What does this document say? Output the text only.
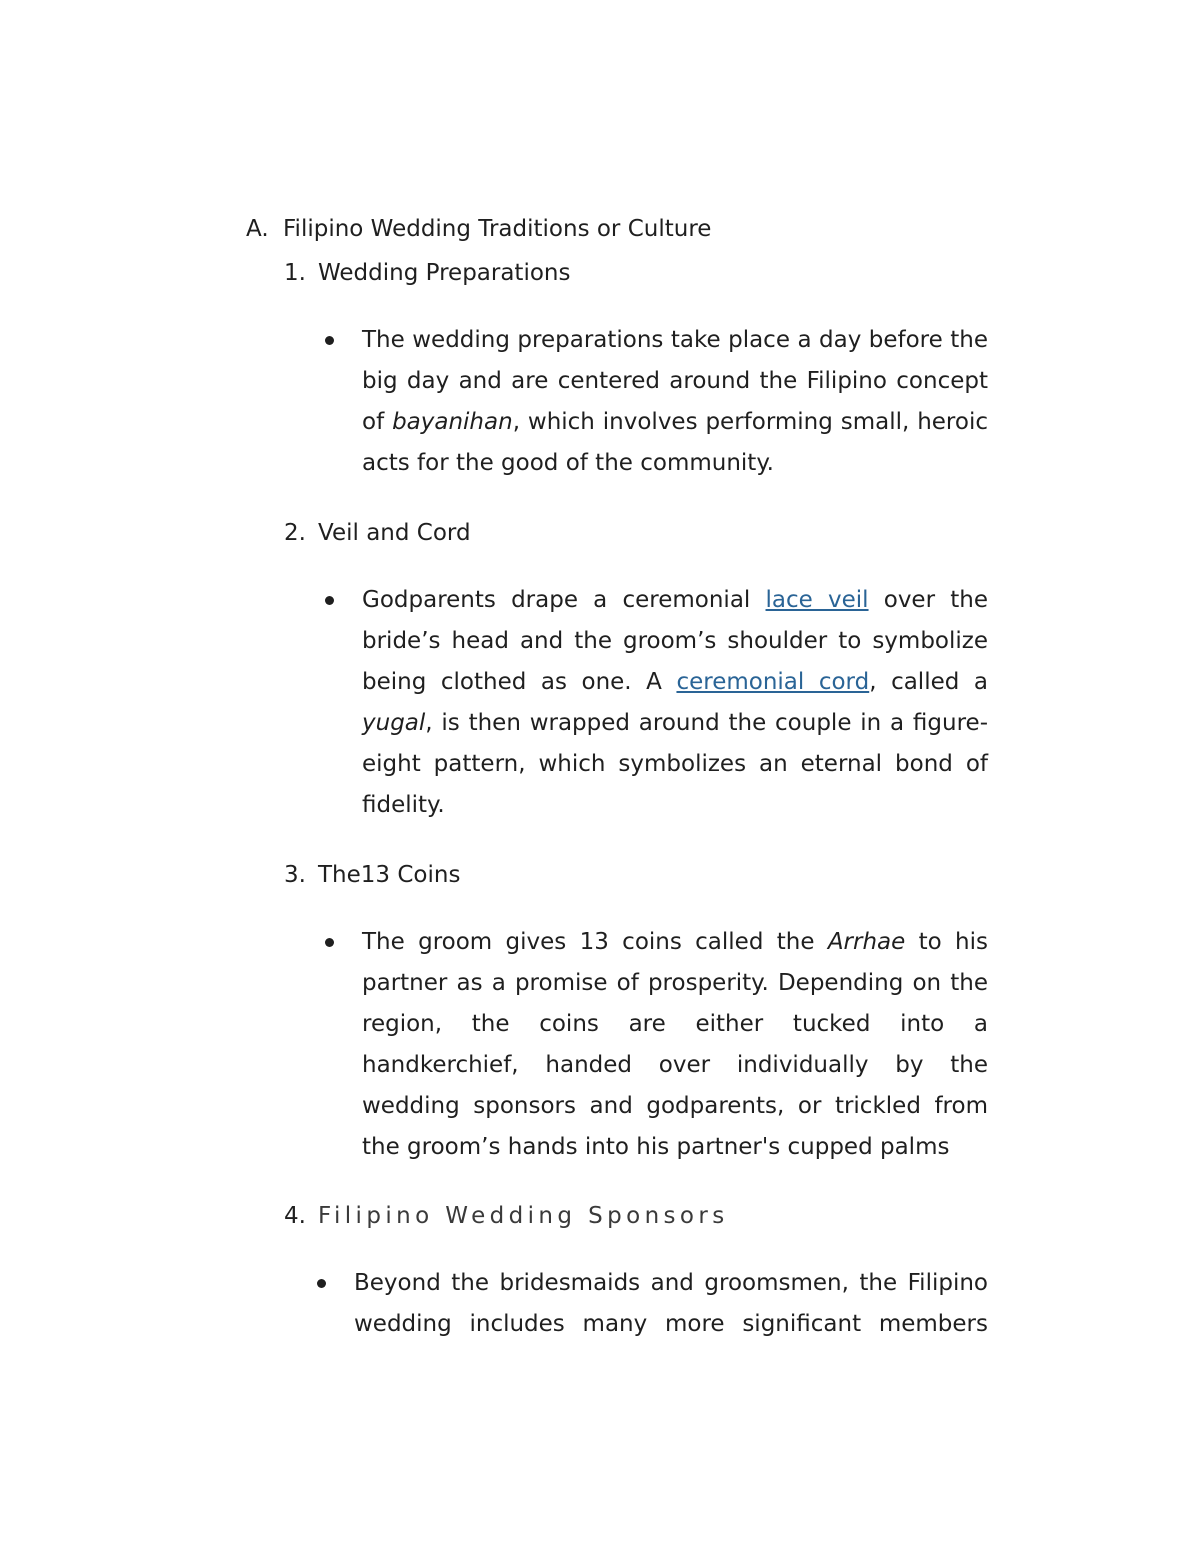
A. Filipino Wedding Traditions or Culture
1. Wedding Preparations
The wedding preparations take place a day before the big day and are centered around the Filipino concept of bayanihan, which involves performing small, heroic acts for the good of the community.
2. Veil and Cord
Godparents drape a ceremonial lace veil over the bride’s head and the groom’s shoulder to symbolize being clothed as one. A ceremonial cord, called a yugal, is then wrapped around the couple in a figure-eight pattern, which symbolizes an eternal bond of fidelity.
3. The13 Coins
The groom gives 13 coins called the Arrhae to his partner as a promise of prosperity. Depending on the region, the coins are either tucked into a handkerchief, handed over individually by the wedding sponsors and godparents, or trickled from the groom’s hands into his partner's cupped palms
4. Filipino Wedding Sponsors
Beyond the bridesmaids and groomsmen, the Filipino wedding includes many more significant members
